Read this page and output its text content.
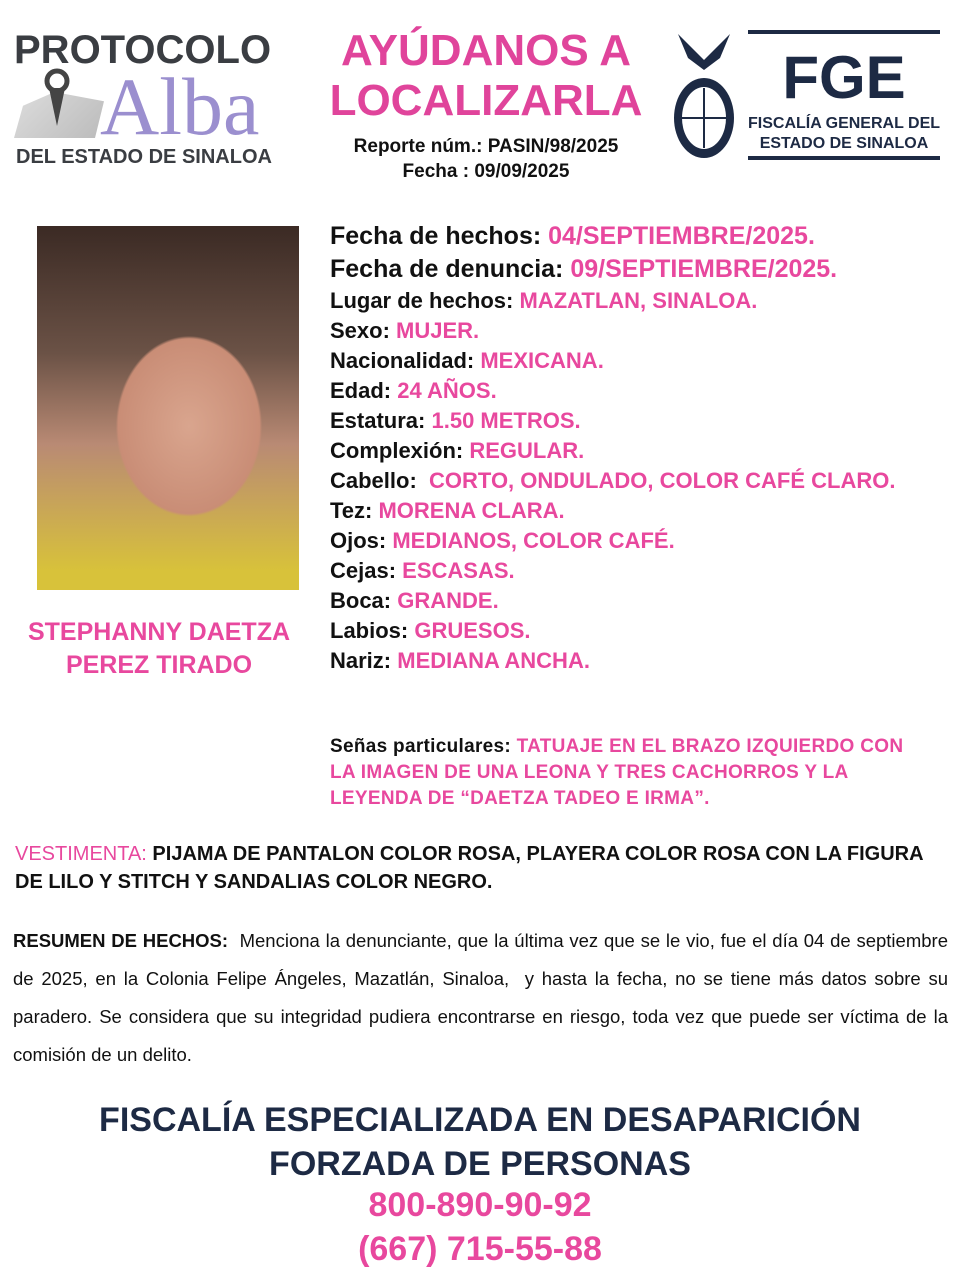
PROTOCOLO
Alba
DEL ESTADO DE SINALOA
AYÚDANOS A
LOCALIZARLA
Reporte núm.: PASIN/98/2025
Fecha : 09/09/2025
FGE
FISCALÍA GENERAL DEL
ESTADO DE SINALOA
STEPHANNY DAETZA
PEREZ TIRADO
Fecha de hechos: 04/SEPTIEMBRE/2025.
Fecha de denuncia: 09/SEPTIEMBRE/2025.
Lugar de hechos: MAZATLAN, SINALOA.
Sexo: MUJER.
Nacionalidad: MEXICANA.
Edad: 24 AÑOS.
Estatura: 1.50 METROS.
Complexión: REGULAR.
Cabello:  CORTO, ONDULADO, COLOR CAFÉ CLARO.
Tez: MORENA CLARA.
Ojos: MEDIANOS, COLOR CAFÉ.
Cejas: ESCASAS.
Boca: GRANDE.
Labios: GRUESOS.
Nariz: MEDIANA ANCHA.
Señas particulares: TATUAJE EN EL BRAZO IZQUIERDO CON LA IMAGEN DE UNA LEONA Y TRES CACHORROS Y LA LEYENDA DE “DAETZA TADEO E IRMA”.
VESTIMENTA: PIJAMA DE PANTALON COLOR ROSA, PLAYERA COLOR ROSA CON LA FIGURA DE LILO Y STITCH Y SANDALIAS COLOR NEGRO.
RESUMEN DE HECHOS:  Menciona la denunciante, que la última vez que se le vio, fue el día 04 de septiembre de 2025, en la Colonia Felipe Ángeles, Mazatlán, Sinaloa,  y hasta la fecha, no se tiene más datos sobre su paradero. Se considera que su integridad pudiera encontrarse en riesgo, toda vez que puede ser víctima de la comisión de un delito.
FISCALÍA ESPECIALIZADA EN DESAPARICIÓN
FORZADA DE PERSONAS
800-890-90-92
(667) 715-55-88
